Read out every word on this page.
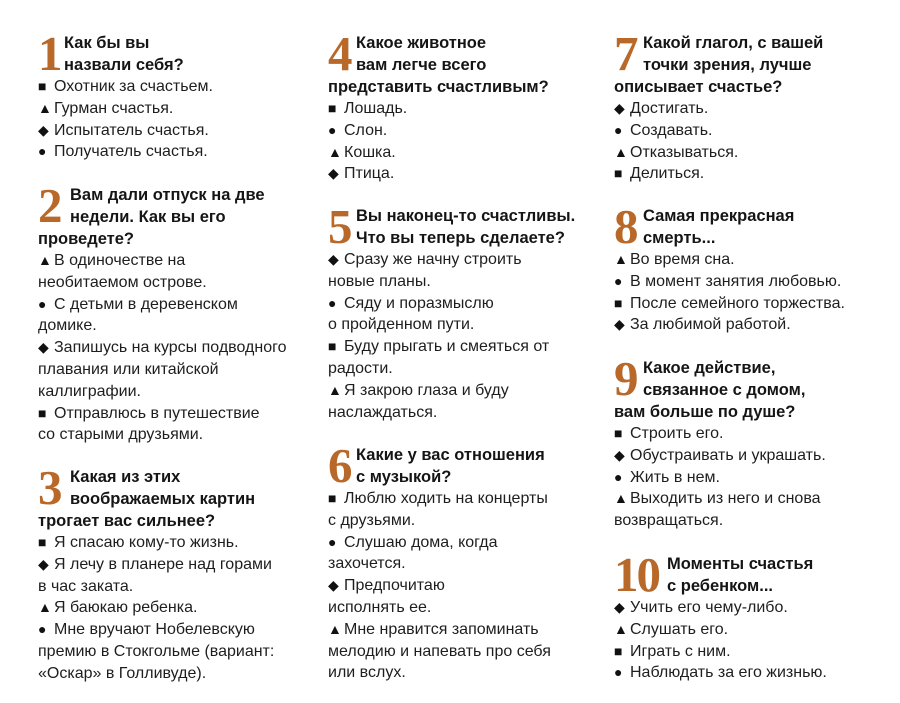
1 Как бы вы
назвали себя?

■ Охотник за счастьем.
▲ Гурман счастья.
◆ Испытатель счастья.
● Получатель счастья.
2 Вам дали отпуск на две
недели. Как вы его
проведете?

▲ В одиночестве на
необитаемом острове.
● С детьми в деревенском
домике.
◆ Запишусь на курсы подводного
плавания или китайской
каллиграфии.
■ Отправлюсь в путешествие
со старыми друзьями.
3 Какая из этих
воображаемых картин
трогает вас сильнее?

■ Я спасаю кому-то жизнь.
◆ Я лечу в планере над горами
в час заката.
▲ Я баюкаю ребенка.
● Мне вручают Нобелевскую
премию в Стокгольме (вариант:
«Оскар» в Голливуде).
4 Какое животное
вам легче всего
представить счастливым?

■ Лошадь.
● Слон.
▲ Кошка.
◆ Птица.
5 Вы наконец-то счастливы.
Что вы теперь сделаете?

◆ Сразу же начну строить
новые планы.
● Сяду и поразмыслю
о пройденном пути.
■ Буду прыгать и смеяться от
радости.
▲ Я закрою глаза и буду
наслаждаться.
6 Какие у вас отношения
с музыкой?

■ Люблю ходить на концерты
с друзьями.
● Слушаю дома, когда
захочется.
◆ Предпочитаю
исполнять ее.
▲ Мне нравится запоминать
мелодию и напевать про себя
или вслух.
7 Какой глагол, с вашей
точки зрения, лучше
описывает счастье?

◆ Достигать.
● Создавать.
▲ Отказываться.
■ Делиться.
8 Самая прекрасная
смерть...

▲ Во время сна.
● В момент занятия любовью.
■ После семейного торжества.
◆ За любимой работой.
9 Какое действие,
связанное с домом,
вам больше по душе?

■ Строить его.
◆ Обустраивать и украшать.
● Жить в нем.
▲ Выходить из него и снова
возвращаться.
10 Моменты счастья
с ребенком...

◆ Учить его чему-либо.
▲ Слушать его.
■ Играть с ним.
● Наблюдать за его жизнью.
